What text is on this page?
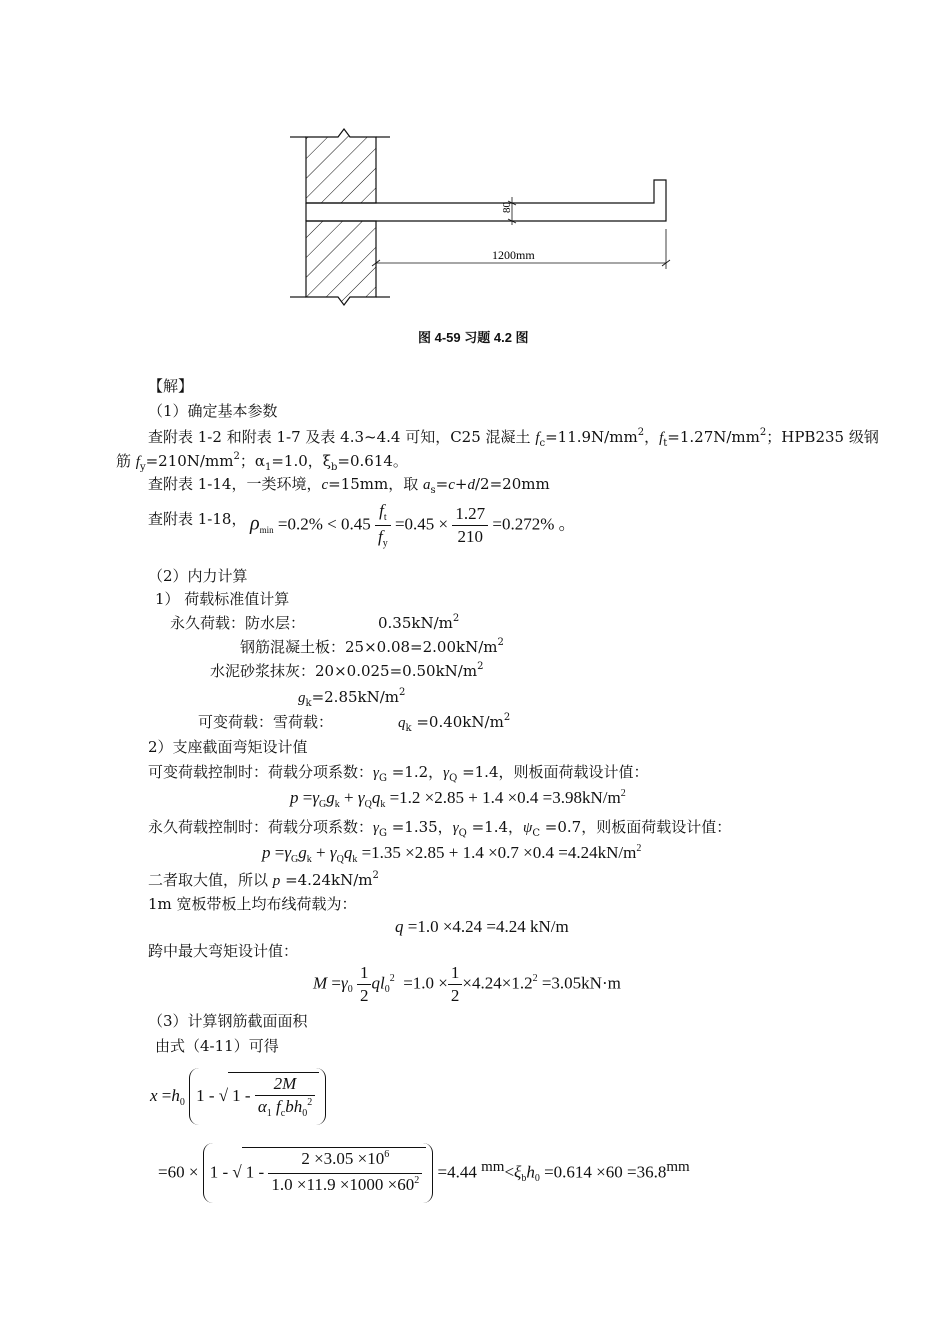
80
1200mm
图 4-59 习题 4.2 图
【解】
（1）确定基本参数
查附表 1-2 和附表 1-7 及表 4.3~4.4 可知，C25 混凝土 $f_c=11.9N/mm^2$，$f_t=1.27N/mm^2$；HPB235 级钢
筋 $f_y=210N/mm^2$；$\alpha_1=1.0$，$\xi_b=0.614$。
查附表 1-14，一类环境，c=15mm，取 $a_s=c+d/2=20mm$
查附表 1-18， $\rho_{min} =0.2\% < 0.45 \frac{f_t}{f_y} =0.45 \times \frac{1.27}{210} =0.272\%$ 。
（2）内力计算
1） 荷载标准值计算
永久荷载：防水层：	$0.35kN/m^2$
钢筋混凝土板：$25\times 0.08=2.00kN/m^2$
水泥砂浆抹灰：$20\times 0.025=0.50kN/m^2$
$g_k=2.85kN/m^2$
可变荷载：雪荷载：	$q_k =0.40kN/m^2$
2）支座截面弯矩设计值
可变荷载控制时：荷载分项系数：$\gamma_G =1.2$，$\gamma_Q =1.4$，则板面荷载设计值：
$p =\gamma_Gg_k + \gamma_Qq_k =1.2 \times 2.85 + 1.4 \times 0.4 =3.98kN/m^2$
永久荷载控制时：荷载分项系数：$\gamma_G =1.35$，$\gamma_Q =1.4$，$\psi_C =0.7$，则板面荷载设计值：
$p =\gamma_Gg_k + \gamma_Qq_k =1.35 \times 2.85 + 1.4 \times 0.7 \times 0.4 =4.24kN/m^2$
二者取大值，所以 $p =4.24kN/m^2$
1m 宽板带板上均布线荷载为：
q =1.0 ×4.24 =4.24 kN/m
跨中最大弯矩设计值：
$M =\gamma_0 \frac{1}{2} ql_0^2 =1.0 \times \frac{1}{2} \times 4.24\times 1.2^2 =3.05kN\cdot m$
（3）计算钢筋截面面积
由式（4-11）可得
$x =h_0$ 1 - √ $1 - \frac{2M}{\alpha_1 f_cbh_0^2}$
=60 × 1 - √ $1 - \frac{2 \times 3.05 \times 10^6}{1.0 \times 11.9 \times 1000 \times 60^2} =4.44$ $mm<\xi_bh_0 =0.614 \times 60 =36.8mm$
